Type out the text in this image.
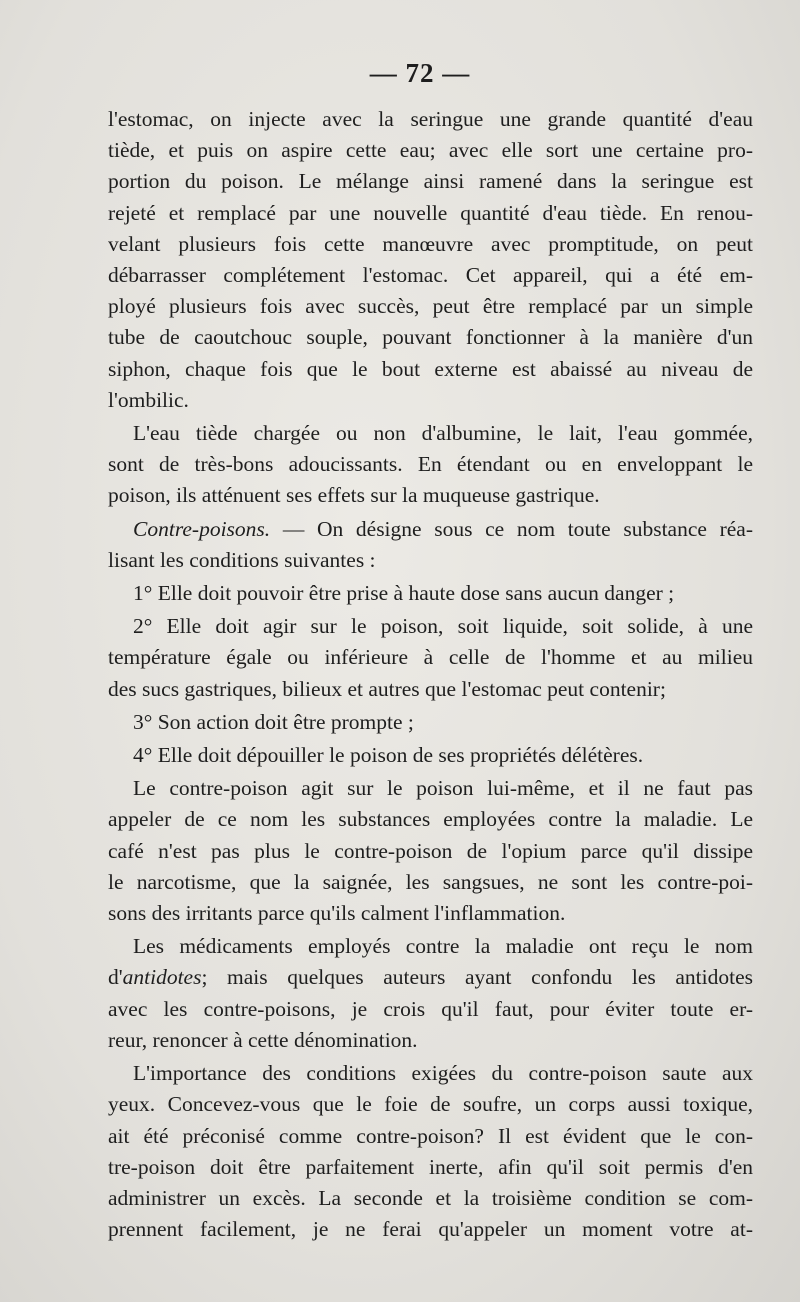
— 72 —
l'estomac, on injecte avec la seringue une grande quantité d'eau
tiède, et puis on aspire cette eau; avec elle sort une certaine pro-
portion du poison. Le mélange ainsi ramené dans la seringue est
rejeté et remplacé par une nouvelle quantité d'eau tiède. En renou-
velant plusieurs fois cette manœuvre avec promptitude, on peut
débarrasser complétement l'estomac. Cet appareil, qui a été em-
ployé plusieurs fois avec succès, peut être remplacé par un simple
tube de caoutchouc souple, pouvant fonctionner à la manière d'un
siphon, chaque fois que le bout externe est abaissé au niveau de
l'ombilic.
L'eau tiède chargée ou non d'albumine, le lait, l'eau gommée,
sont de très-bons adoucissants. En étendant ou en enveloppant le
poison, ils atténuent ses effets sur la muqueuse gastrique.
Contre-poisons. — On désigne sous ce nom toute substance réa-
lisant les conditions suivantes :
1° Elle doit pouvoir être prise à haute dose sans aucun danger ;
2° Elle doit agir sur le poison, soit liquide, soit solide, à une
température égale ou inférieure à celle de l'homme et au milieu
des sucs gastriques, bilieux et autres que l'estomac peut contenir;
3° Son action doit être prompte ;
4° Elle doit dépouiller le poison de ses propriétés délétères.
Le contre-poison agit sur le poison lui-même, et il ne faut pas
appeler de ce nom les substances employées contre la maladie. Le
café n'est pas plus le contre-poison de l'opium parce qu'il dissipe
le narcotisme, que la saignée, les sangsues, ne sont les contre-poi-
sons des irritants parce qu'ils calment l'inflammation.
Les médicaments employés contre la maladie ont reçu le nom
d'antidotes; mais quelques auteurs ayant confondu les antidotes
avec les contre-poisons, je crois qu'il faut, pour éviter toute er-
reur, renoncer à cette dénomination.
L'importance des conditions exigées du contre-poison saute aux
yeux. Concevez-vous que le foie de soufre, un corps aussi toxique,
ait été préconisé comme contre-poison? Il est évident que le con-
tre-poison doit être parfaitement inerte, afin qu'il soit permis d'en
administrer un excès. La seconde et la troisième condition se com-
prennent facilement, je ne ferai qu'appeler un moment votre at-
